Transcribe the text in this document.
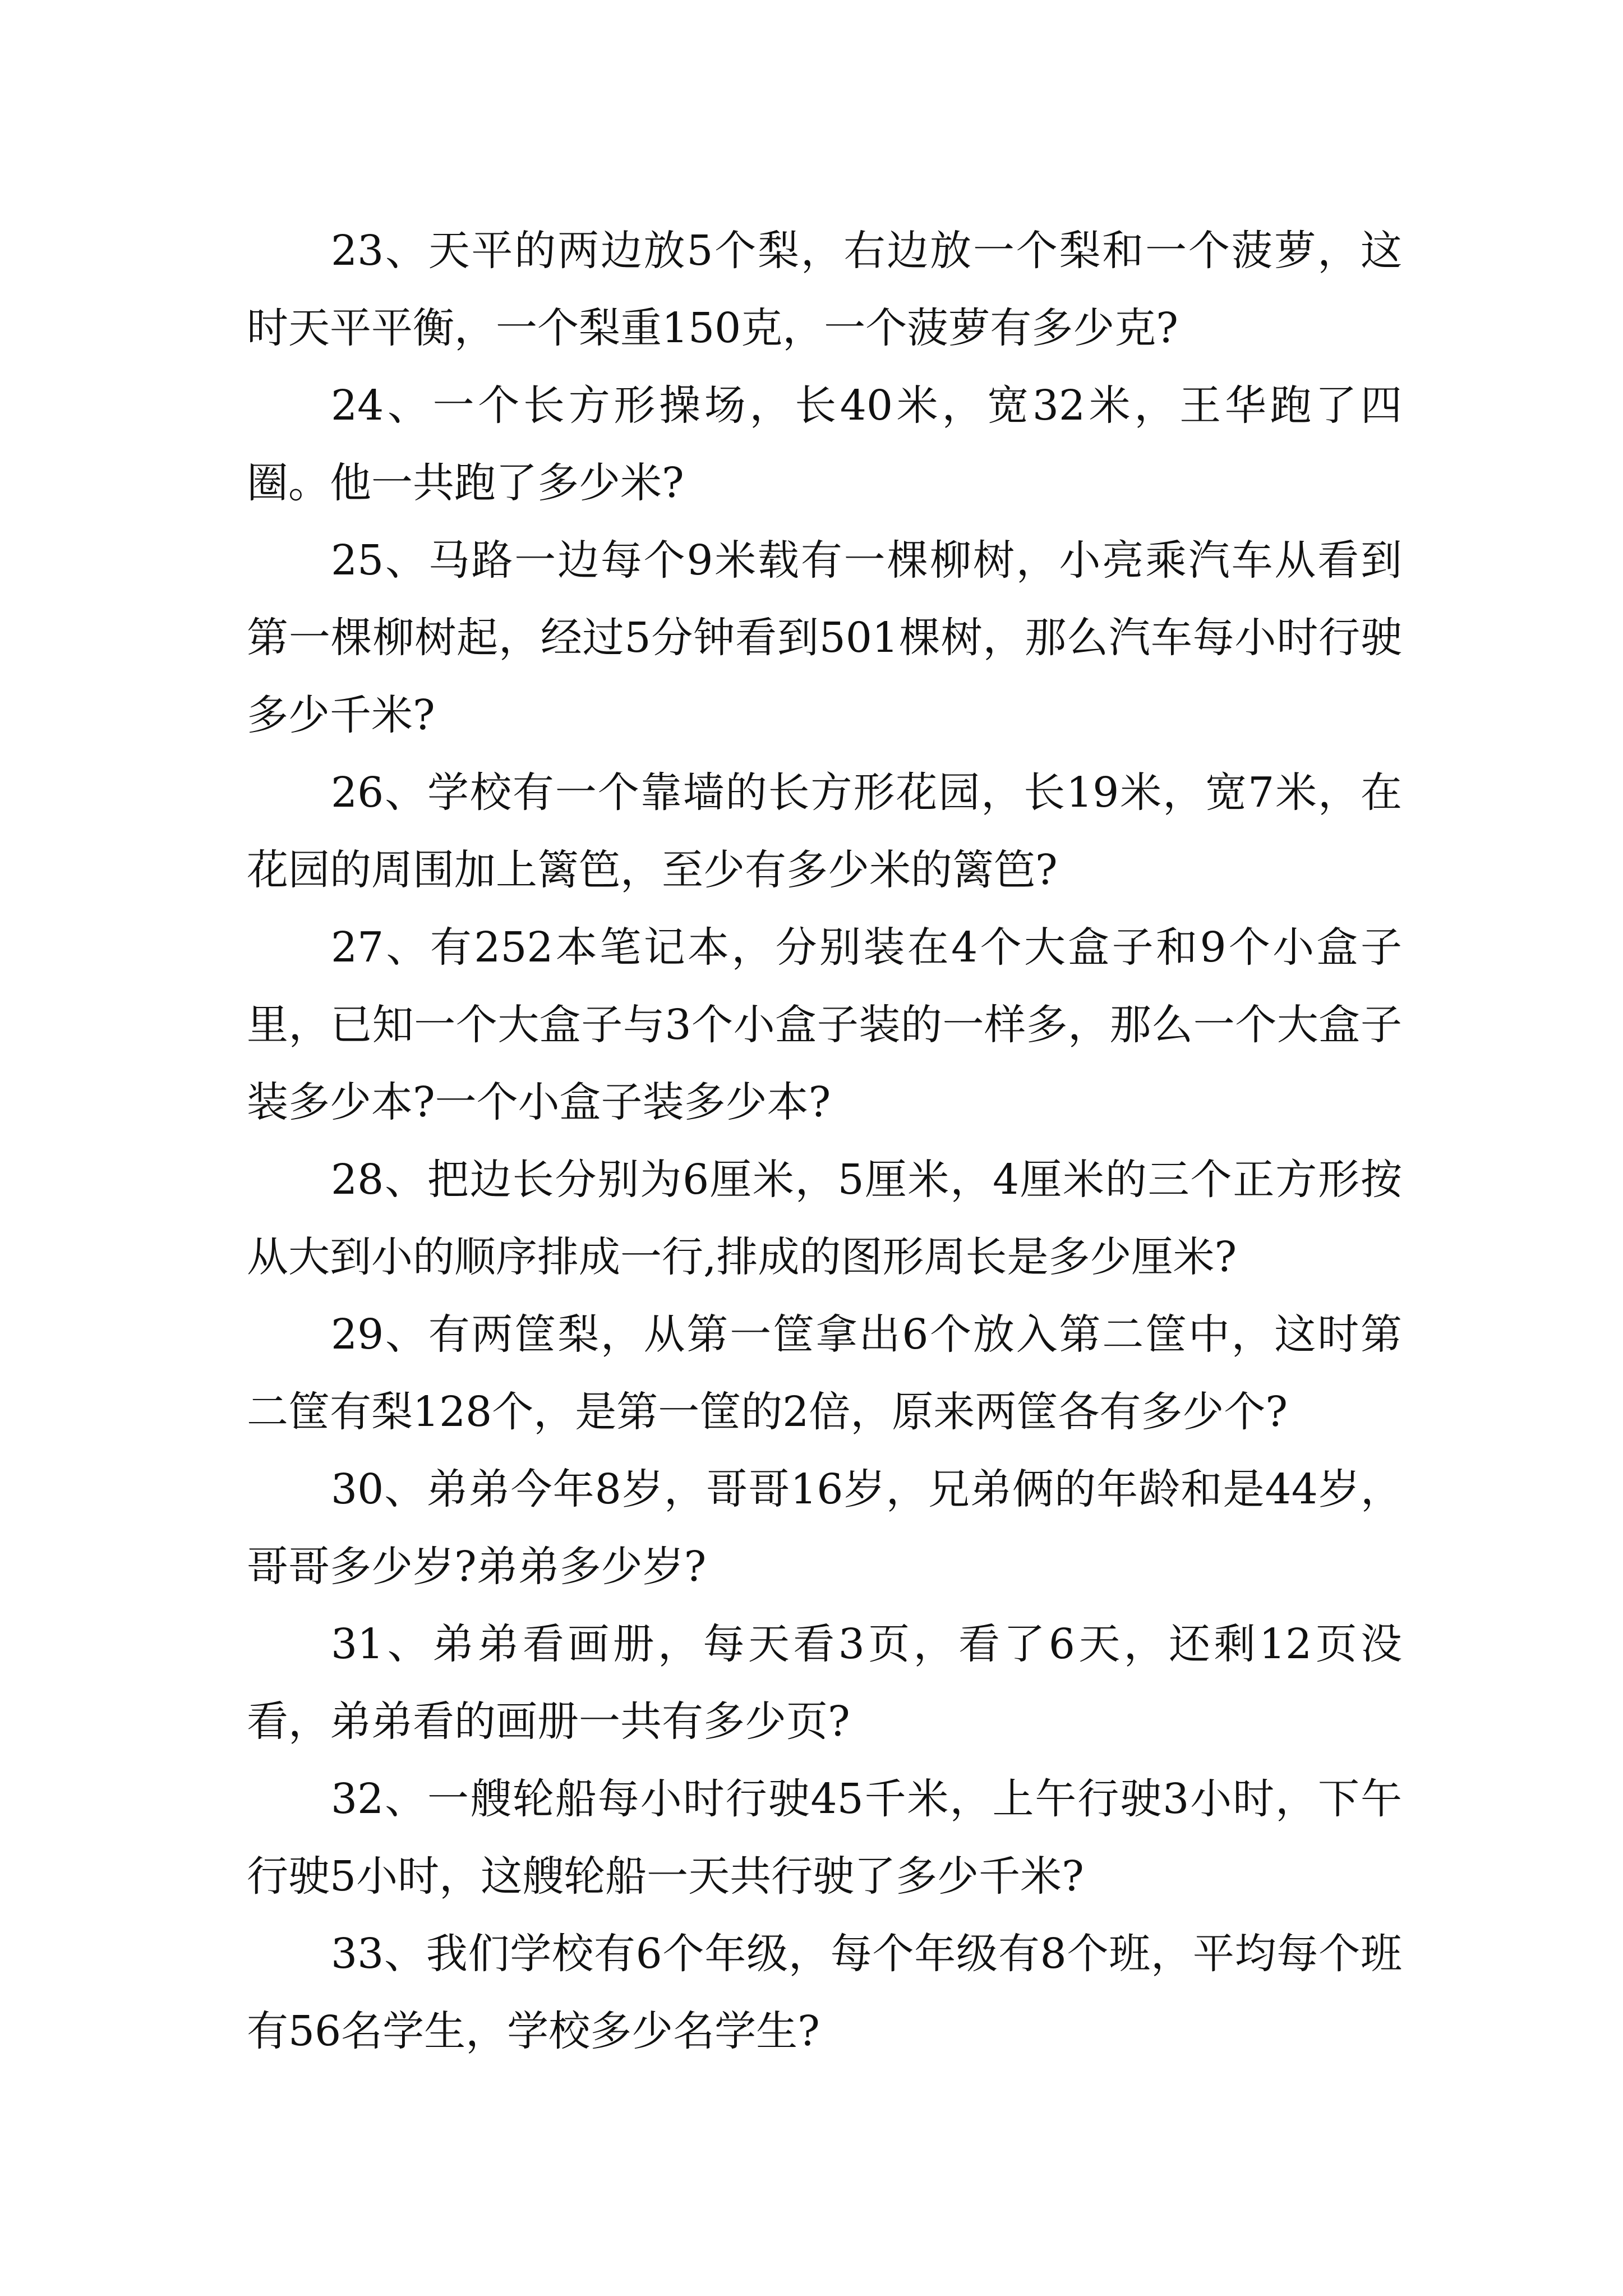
23、天平的两边放5个梨，右边放一个梨和一个菠萝，这时天平平衡，一个梨重150克，一个菠萝有多少克?

24、一个长方形操场，长40米，宽32米，王华跑了四圈。他一共跑了多少米?

25、马路一边每个9米载有一棵柳树，小亮乘汽车从看到第一棵柳树起，经过5分钟看到501棵树，那么汽车每小时行驶多少千米?

26、学校有一个靠墙的长方形花园，长19米，宽7米，在花园的周围加上篱笆，至少有多少米的篱笆?

27、有252本笔记本，分别装在4个大盒子和9个小盒子里，已知一个大盒子与3个小盒子装的一样多，那么一个大盒子装多少本?一个小盒子装多少本?

28、把边长分别为6厘米，5厘米，4厘米的三个正方形按从大到小的顺序排成一行,排成的图形周长是多少厘米?

29、有两筐梨，从第一筐拿出6个放入第二筐中，这时第二筐有梨128个，是第一筐的2倍，原来两筐各有多少个?

30、弟弟今年8岁，哥哥16岁，兄弟俩的年龄和是44岁，哥哥多少岁?弟弟多少岁?

31、弟弟看画册，每天看3页，看了6天，还剩12页没看，弟弟看的画册一共有多少页?

32、一艘轮船每小时行驶45千米，上午行驶3小时，下午行驶5小时，这艘轮船一天共行驶了多少千米?

33、我们学校有6个年级，每个年级有8个班，平均每个班有56名学生，学校多少名学生?
